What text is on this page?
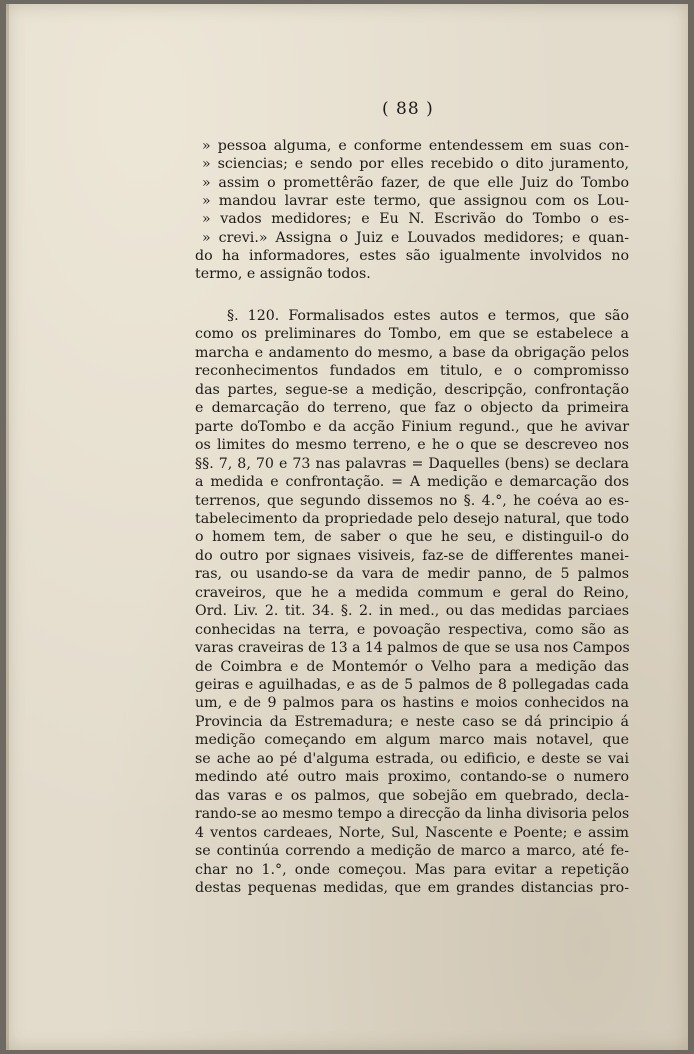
( 88 )
» pessoa alguma, e conforme entendessem em suas con-
» sciencias; e sendo por elles recebido o dito juramento,
» assim o promettêrão fazer, de que elle Juiz do Tombo
» mandou lavrar este termo, que assignou com os Lou-
» vados medidores; e Eu N. Escrivão do Tombo o es-
» crevi.» Assigna o Juiz e Louvados medidores; e quan-
do ha informadores, estes são igualmente involvidos no
termo, e assignão todos.
§. 120. Formalisados estes autos e termos, que são
como os preliminares do Tombo, em que se estabelece a
marcha e andamento do mesmo, a base da obrigação pelos
reconhecimentos fundados em titulo, e o compromisso
das partes, segue-se a medição, descripção, confrontação
e demarcação do terreno, que faz o objecto da primeira
parte doTombo e da acção Finium regund., que he avivar
os limites do mesmo terreno, e he o que se descreveo nos
§§. 7, 8, 70 e 73 nas palavras = Daquelles (bens) se declara
a medida e confrontação. = A medição e demarcação dos
terrenos, que segundo dissemos no §. 4.°, he coéva ao es-
tabelecimento da propriedade pelo desejo natural, que todo
o homem tem, de saber o que he seu, e distinguil-o do
do outro por signaes visiveis, faz-se de differentes manei-
ras, ou usando-se da vara de medir panno, de 5 palmos
craveiros, que he a medida commum e geral do Reino,
Ord. Liv. 2. tit. 34. §. 2. in med., ou das medidas parciaes
conhecidas na terra, e povoação respectiva, como são as
varas craveiras de 13 a 14 palmos de que se usa nos Campos
de Coimbra e de Montemór o Velho para a medição das
geiras e aguilhadas, e as de 5 palmos de 8 pollegadas cada
um, e de 9 palmos para os hastins e moios conhecidos na
Provincia da Estremadura; e neste caso se dá principio á
medição começando em algum marco mais notavel, que
se ache ao pé d'alguma estrada, ou edificio, e deste se vai
medindo até outro mais proximo, contando-se o numero
das varas e os palmos, que sobejão em quebrado, decla-
rando-se ao mesmo tempo a direcção da linha divisoria pelos
4 ventos cardeaes, Norte, Sul, Nascente e Poente; e assim
se continúa correndo a medição de marco a marco, até fe-
char no 1.°, onde começou. Mas para evitar a repetição
destas pequenas medidas, que em grandes distancias pro-
